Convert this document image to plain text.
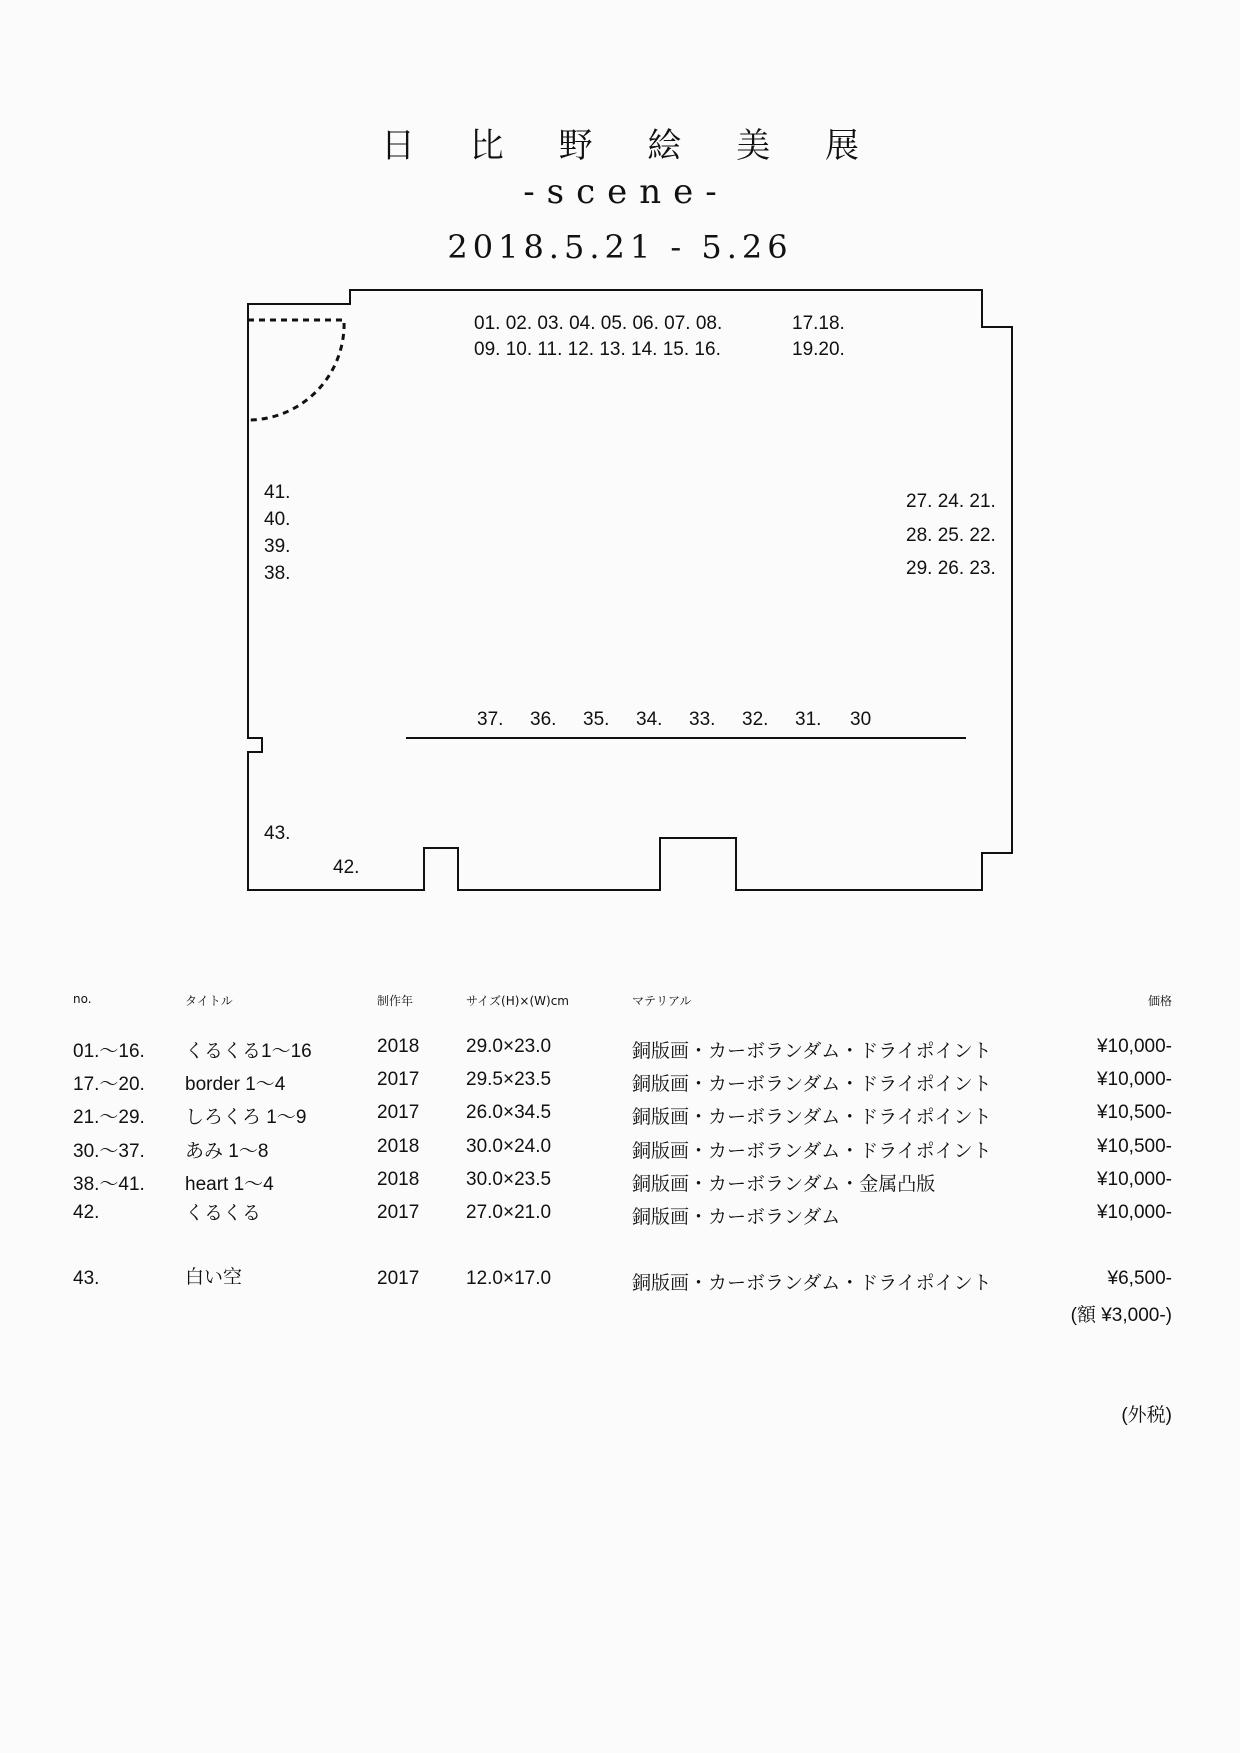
日 比 野 絵 美 展
-scene-
2018.5.21 - 5.26
01. 02. 03. 04. 05. 06. 07. 08.
09. 10. 11. 12. 13. 14. 15. 16.
17.18.
19.20.
27. 24. 21.
28. 25. 22.
29. 26. 23.
41.
40.
39.
38.
37. 36. 35. 34. 33. 32. 31. 30
43.
42.
no.	タイトル	制作年	サイズ(H)×(W)cm	マテリアル	価格
01.～16. くるくる1～16	2018 29.0×23.0	銅版画・カーボランダム・ドライポイント	¥10,000-
17.～20. border 1～4	2017 29.5×23.5	銅版画・カーボランダム・ドライポイント	¥10,000-
21.～29. しろくろ 1～9	2017 26.0×34.5	銅版画・カーボランダム・ドライポイント	¥10,500-
30.～37. あみ 1～8	2018 30.0×24.0	銅版画・カーボランダム・ドライポイント	¥10,500-
38.～41. heart 1～4	2018 30.0×23.5	銅版画・カーボランダム・金属凸版	¥10,000-
42.	くるくる	2017 27.0×21.0	銅版画・カーボランダム	¥10,000-
43.	白い空	2017 12.0×17.0	銅版画・カーボランダム・ドライポイント	¥6,500-
(額 ¥3,000-)
(外税)
